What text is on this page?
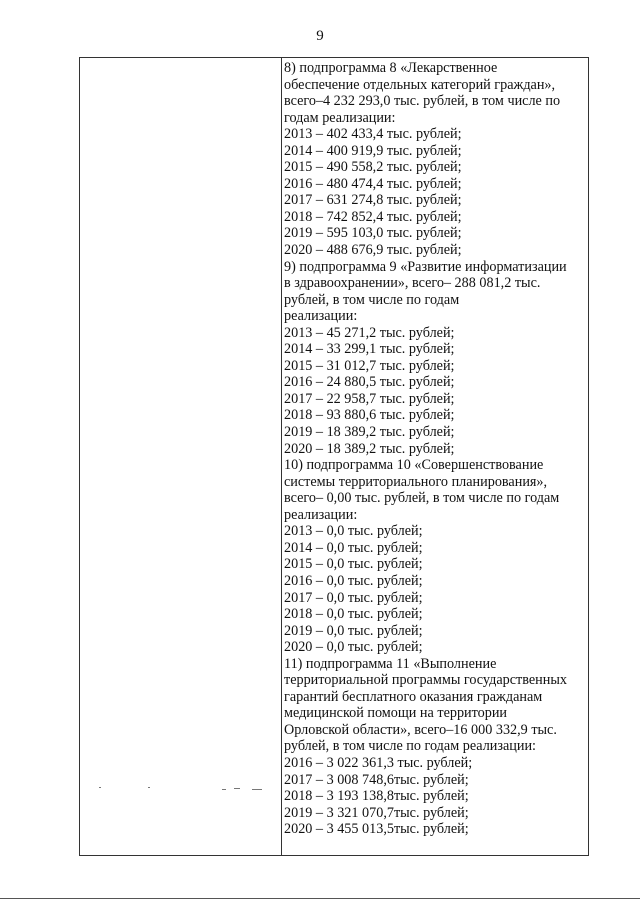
9
8) подпрограмма 8 «Лекарственное
обеспечение отдельных категорий граждан»,
всего–4 232 293,0 тыс. рублей, в том числе по
годам реализации:
2013 – 402 433,4 тыс. рублей;
2014 – 400 919,9 тыс. рублей;
2015 – 490 558,2 тыс. рублей;
2016 – 480 474,4 тыс. рублей;
2017 – 631 274,8 тыс. рублей;
2018 – 742 852,4 тыс. рублей;
2019 – 595 103,0 тыс. рублей;
2020 – 488 676,9 тыс. рублей;
9) подпрограмма 9 «Развитие информатизации
в здравоохранении», всего– 288 081,2 тыс.
рублей, в том числе по годам
реализации:
2013 – 45 271,2 тыс. рублей;
2014 – 33 299,1 тыс. рублей;
2015 – 31 012,7 тыс. рублей;
2016 – 24 880,5 тыс. рублей;
2017 – 22 958,7 тыс. рублей;
2018 – 93 880,6 тыс. рублей;
2019 – 18 389,2 тыс. рублей;
2020 – 18 389,2 тыс. рублей;
10) подпрограмма 10 «Совершенствование
системы территориального планирования»,
всего– 0,00 тыс. рублей, в том числе по годам
реализации:
2013 – 0,0 тыс. рублей;
2014 – 0,0 тыс. рублей;
2015 – 0,0 тыс. рублей;
2016 – 0,0 тыс. рублей;
2017 – 0,0 тыс. рублей;
2018 – 0,0 тыс. рублей;
2019 – 0,0 тыс. рублей;
2020 – 0,0 тыс. рублей;
11) подпрограмма 11 «Выполнение
территориальной программы государственных
гарантий бесплатного оказания гражданам
медицинской помощи на территории
Орловской области», всего–16 000 332,9 тыс.
рублей, в том числе по годам реализации:
2016 – 3 022 361,3 тыс. рублей;
2017 – 3 008 748,6тыс. рублей;
2018 – 3 193 138,8тыс. рублей;
2019 – 3 321 070,7тыс. рублей;
2020 – 3 455 013,5тыс. рублей;
